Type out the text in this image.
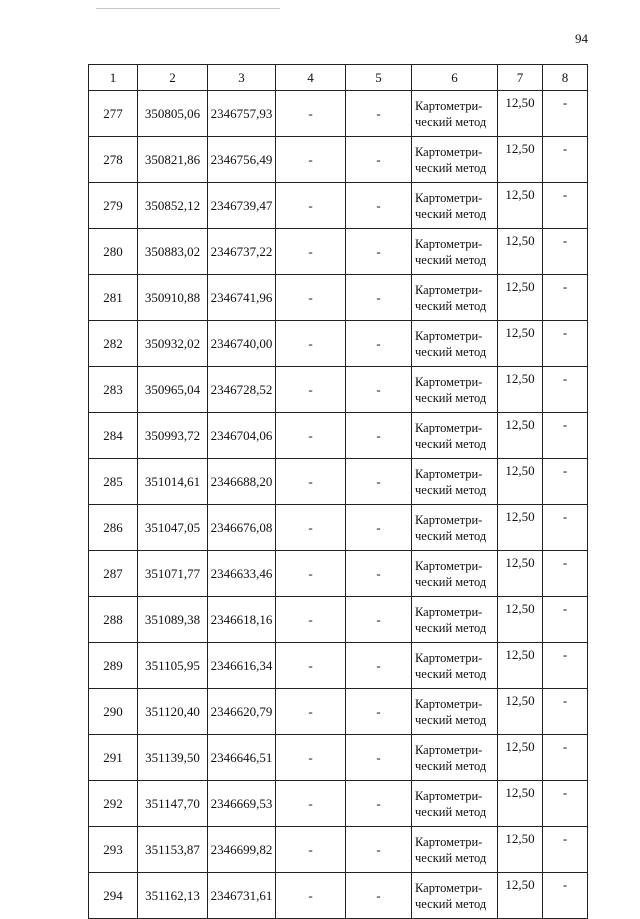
94
1	2	3	4	5	6	7	8
277	350805,06	2346757,93	-	-	Картометри-
ческий метод	12,50	-
278	350821,86	2346756,49	-	-	Картометри-
ческий метод	12,50	-
279	350852,12	2346739,47	-	-	Картометри-
ческий метод	12,50	-
280	350883,02	2346737,22	-	-	Картометри-
ческий метод	12,50	-
281	350910,88	2346741,96	-	-	Картометри-
ческий метод	12,50	-
282	350932,02	2346740,00	-	-	Картометри-
ческий метод	12,50	-
283	350965,04	2346728,52	-	-	Картометри-
ческий метод	12,50	-
284	350993,72	2346704,06	-	-	Картометри-
ческий метод	12,50	-
285	351014,61	2346688,20	-	-	Картометри-
ческий метод	12,50	-
286	351047,05	2346676,08	-	-	Картометри-
ческий метод	12,50	-
287	351071,77	2346633,46	-	-	Картометри-
ческий метод	12,50	-
288	351089,38	2346618,16	-	-	Картометри-
ческий метод	12,50	-
289	351105,95	2346616,34	-	-	Картометри-
ческий метод	12,50	-
290	351120,40	2346620,79	-	-	Картометри-
ческий метод	12,50	-
291	351139,50	2346646,51	-	-	Картометри-
ческий метод	12,50	-
292	351147,70	2346669,53	-	-	Картометри-
ческий метод	12,50	-
293	351153,87	2346699,82	-	-	Картометри-
ческий метод	12,50	-
294	351162,13	2346731,61	-	-	Картометри-
ческий метод	12,50	-
